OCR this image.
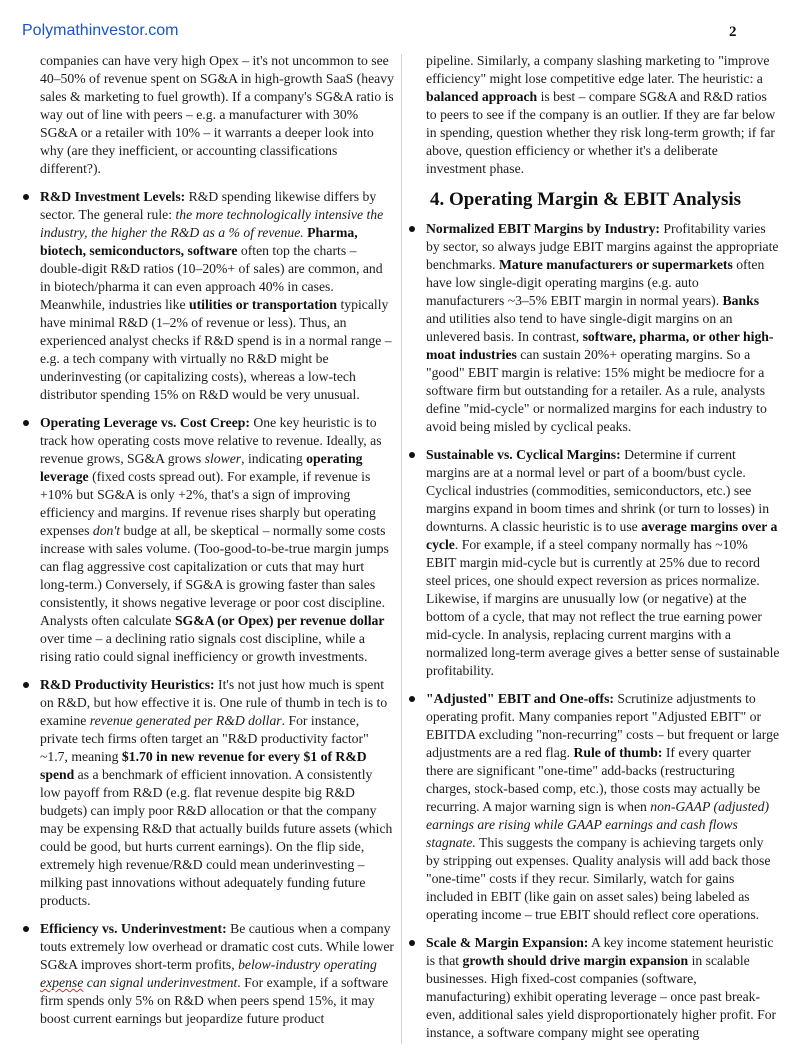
Polymathinvestor.com	2

companies can have very high Opex – it's not uncommon to see 40–50% of revenue spent on SG&A in high-growth SaaS (heavy sales & marketing to fuel growth). If a company's SG&A ratio is way out of line with peers – e.g. a manufacturer with 30% SG&A or a retailer with 10% – it warrants a deeper look into why (are they inefficient, or accounting classifications different?).

R&D Investment Levels: R&D spending likewise differs by sector. The general rule: the more technologically intensive the industry, the higher the R&D as a % of revenue. Pharma, biotech, semiconductors, software often top the charts – double-digit R&D ratios (10–20%+ of sales) are common, and in biotech/pharma it can even approach 40% in cases. Meanwhile, industries like utilities or transportation typically have minimal R&D (1–2% of revenue or less). Thus, an experienced analyst checks if R&D spend is in a normal range – e.g. a tech company with virtually no R&D might be underinvesting (or capitalizing costs), whereas a low-tech distributor spending 15% on R&D would be very unusual.

Operating Leverage vs. Cost Creep: One key heuristic is to track how operating costs move relative to revenue. Ideally, as revenue grows, SG&A grows slower, indicating operating leverage (fixed costs spread out). For example, if revenue is +10% but SG&A is only +2%, that's a sign of improving efficiency and margins. If revenue rises sharply but operating expenses don't budge at all, be skeptical – normally some costs increase with sales volume. (Too-good-to-be-true margin jumps can flag aggressive cost capitalization or cuts that may hurt long-term.) Conversely, if SG&A is growing faster than sales consistently, it shows negative leverage or poor cost discipline. Analysts often calculate SG&A (or Opex) per revenue dollar over time – a declining ratio signals cost discipline, while a rising ratio could signal inefficiency or growth investments.

R&D Productivity Heuristics: It's not just how much is spent on R&D, but how effective it is. One rule of thumb in tech is to examine revenue generated per R&D dollar. For instance, private tech firms often target an "R&D productivity factor" ~1.7, meaning $1.70 in new revenue for every $1 of R&D spend as a benchmark of efficient innovation. A consistently low payoff from R&D (e.g. flat revenue despite big R&D budgets) can imply poor R&D allocation or that the company may be expensing R&D that actually builds future assets (which could be good, but hurts current earnings). On the flip side, extremely high revenue/R&D could mean underinvesting – milking past innovations without adequately funding future products.

Efficiency vs. Underinvestment: Be cautious when a company touts extremely low overhead or dramatic cost cuts. While lower SG&A improves short-term profits, below-industry operating expense can signal underinvestment. For example, if a software firm spends only 5% on R&D when peers spend 15%, it may boost current earnings but jeopardize future product

pipeline. Similarly, a company slashing marketing to "improve efficiency" might lose competitive edge later. The heuristic: a balanced approach is best – compare SG&A and R&D ratios to peers to see if the company is an outlier. If they are far below in spending, question whether they risk long-term growth; if far above, question efficiency or whether it's a deliberate investment phase.

4. Operating Margin & EBIT Analysis

Normalized EBIT Margins by Industry: Profitability varies by sector, so always judge EBIT margins against the appropriate benchmarks. Mature manufacturers or supermarkets often have low single-digit operating margins (e.g. auto manufacturers ~3–5% EBIT margin in normal years). Banks and utilities also tend to have single-digit margins on an unlevered basis. In contrast, software, pharma, or other high-moat industries can sustain 20%+ operating margins. So a "good" EBIT margin is relative: 15% might be mediocre for a software firm but outstanding for a retailer. As a rule, analysts define "mid-cycle" or normalized margins for each industry to avoid being misled by cyclical peaks.

Sustainable vs. Cyclical Margins: Determine if current margins are at a normal level or part of a boom/bust cycle. Cyclical industries (commodities, semiconductors, etc.) see margins expand in boom times and shrink (or turn to losses) in downturns. A classic heuristic is to use average margins over a cycle. For example, if a steel company normally has ~10% EBIT margin mid-cycle but is currently at 25% due to record steel prices, one should expect reversion as prices normalize. Likewise, if margins are unusually low (or negative) at the bottom of a cycle, that may not reflect the true earning power mid-cycle. In analysis, replacing current margins with a normalized long-term average gives a better sense of sustainable profitability.

"Adjusted" EBIT and One-offs: Scrutinize adjustments to operating profit. Many companies report "Adjusted EBIT" or EBITDA excluding "non-recurring" costs – but frequent or large adjustments are a red flag. Rule of thumb: If every quarter there are significant "one-time" add-backs (restructuring charges, stock-based comp, etc.), those costs may actually be recurring. A major warning sign is when non-GAAP (adjusted) earnings are rising while GAAP earnings and cash flows stagnate. This suggests the company is achieving targets only by stripping out expenses. Quality analysis will add back those "one-time" costs if they recur. Similarly, watch for gains included in EBIT (like gain on asset sales) being labeled as operating income – true EBIT should reflect core operations.

Scale & Margin Expansion: A key income statement heuristic is that growth should drive margin expansion in scalable businesses. High fixed-cost companies (software, manufacturing) exhibit operating leverage – once past break-even, additional sales yield disproportionately higher profit. For instance, a software company might see operating
